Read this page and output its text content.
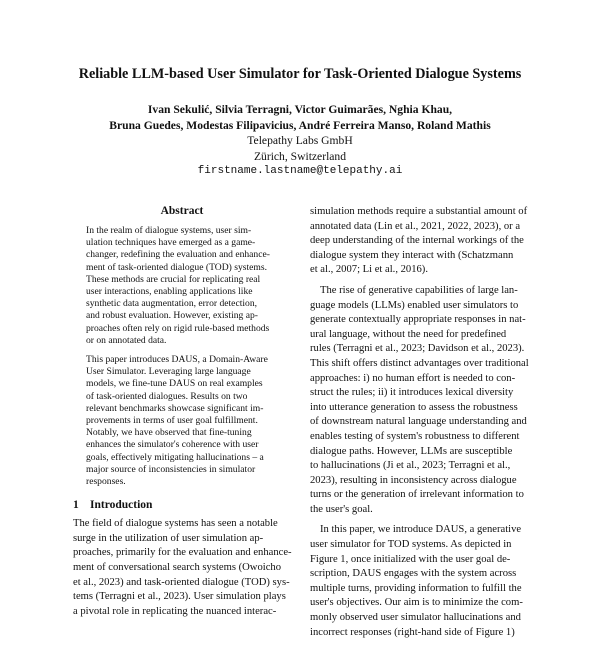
Reliable LLM-based User Simulator for Task-Oriented Dialogue Systems
Ivan Sekulić, Silvia Terragni, Victor Guimarães, Nghia Khau,
Bruna Guedes, Modestas Filipavicius, André Ferreira Manso, Roland Mathis
Telepathy Labs GmbH
Zürich, Switzerland
firstname.lastname@telepathy.ai
Abstract

In the realm of dialogue systems, user sim-
ulation techniques have emerged as a game-
changer, redefining the evaluation and enhance-
ment of task-oriented dialogue (TOD) systems.
These methods are crucial for replicating real
user interactions, enabling applications like
synthetic data augmentation, error detection,
and robust evaluation. However, existing ap-
proaches often rely on rigid rule-based methods
or on annotated data.

This paper introduces DAUS, a Domain-Aware
User Simulator. Leveraging large language
models, we fine-tune DAUS on real examples
of task-oriented dialogues. Results on two
relevant benchmarks showcase significant im-
provements in terms of user goal fulfillment.
Notably, we have observed that fine-tuning
enhances the simulator's coherence with user
goals, effectively mitigating hallucinations – a
major source of inconsistencies in simulator
responses.

1 Introduction

The field of dialogue systems has seen a notable
surge in the utilization of user simulation ap-
proaches, primarily for the evaluation and enhance-
ment of conversational search systems (Owoicho
et al., 2023) and task-oriented dialogue (TOD) sys-
tems (Terragni et al., 2023). User simulation plays
a pivotal role in replicating the nuanced interac-

simulation methods require a substantial amount of
annotated data (Lin et al., 2021, 2022, 2023), or a
deep understanding of the internal workings of the
dialogue system they interact with (Schatzmann
et al., 2007; Li et al., 2016).

The rise of generative capabilities of large lan-
guage models (LLMs) enabled user simulators to
generate contextually appropriate responses in nat-
ural language, without the need for predefined
rules (Terragni et al., 2023; Davidson et al., 2023).
This shift offers distinct advantages over traditional
approaches: i) no human effort is needed to con-
struct the rules; ii) it introduces lexical diversity
into utterance generation to assess the robustness
of downstream natural language understanding and
enables testing of system's robustness to different
dialogue paths. However, LLMs are susceptible
to hallucinations (Ji et al., 2023; Terragni et al.,
2023), resulting in inconsistency across dialogue
turns or the generation of irrelevant information to
the user's goal.

In this paper, we introduce DAUS, a generative
user simulator for TOD systems. As depicted in
Figure 1, once initialized with the user goal de-
scription, DAUS engages with the system across
multiple turns, providing information to fulfill the
user's objectives. Our aim is to minimize the com-
monly observed user simulator hallucinations and
incorrect responses (right-hand side of Figure 1)
